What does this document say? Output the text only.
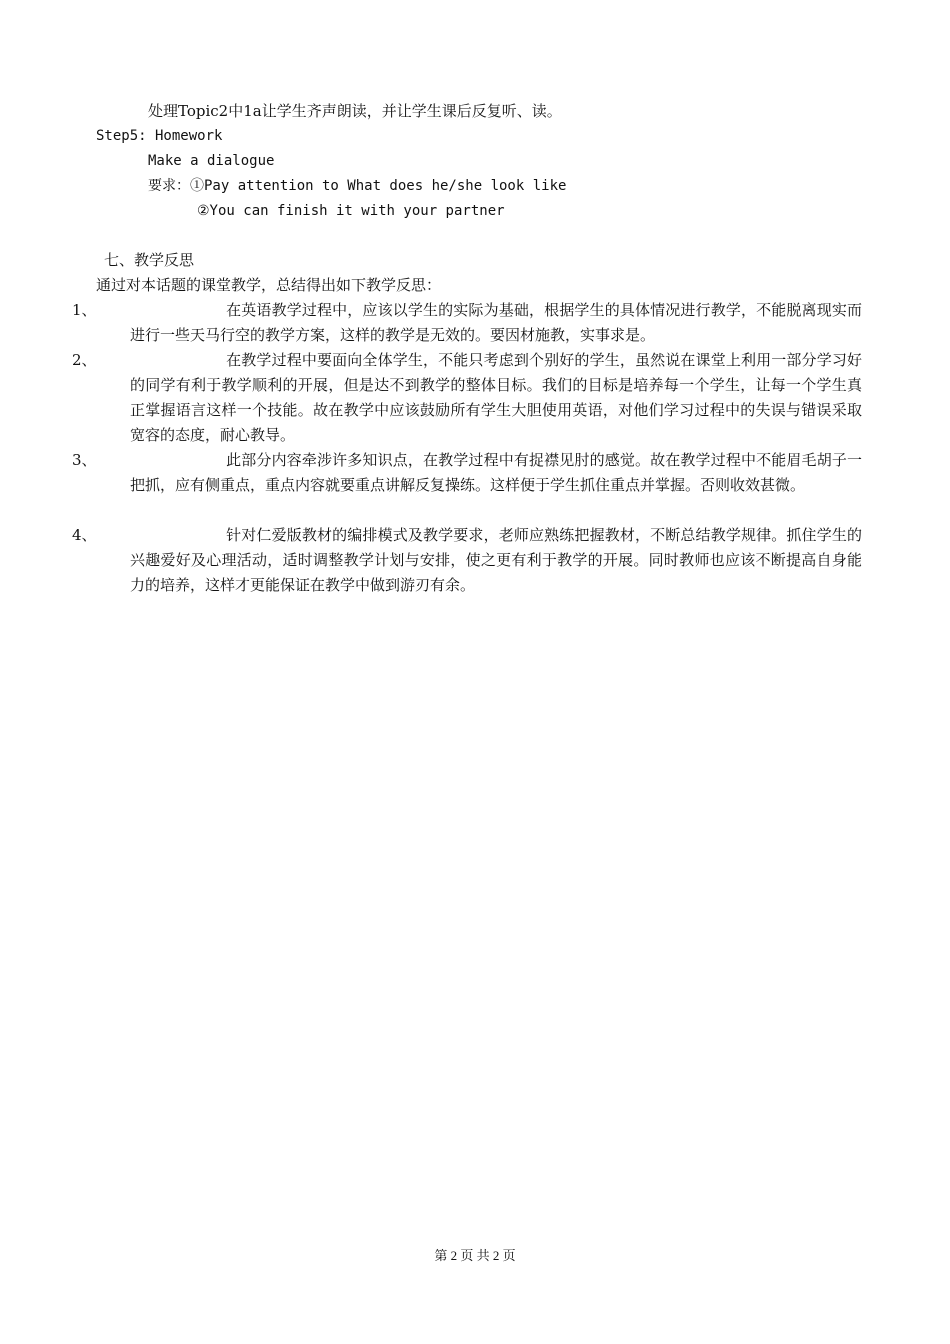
处理Topic2中1a让学生齐声朗读，并让学生课后反复听、读。
Step5: Homework
Make a dialogue
要求：①Pay attention to What does he/she look like
②You can finish it with your partner
七、教学反思
通过对本话题的课堂教学，总结得出如下教学反思：
1、	在英语教学过程中，应该以学生的实际为基础，根据学生的具体情况进行教学，不能脱离现实而进行一些天马行空的教学方案，这样的教学是无效的。要因材施教，实事求是。
2、	在教学过程中要面向全体学生，不能只考虑到个别好的学生，虽然说在课堂上利用一部分学习好的同学有利于教学顺利的开展，但是达不到教学的整体目标。我们的目标是培养每一个学生，让每一个学生真正掌握语言这样一个技能。故在教学中应该鼓励所有学生大胆使用英语，对他们学习过程中的失误与错误采取宽容的态度，耐心教导。
3、	此部分内容牵涉许多知识点，在教学过程中有捉襟见肘的感觉。故在教学过程中不能眉毛胡子一把抓，应有侧重点，重点内容就要重点讲解反复操练。这样便于学生抓住重点并掌握。否则收效甚微。
4、	针对仁爱版教材的编排模式及教学要求，老师应熟练把握教材，不断总结教学规律。抓住学生的兴趣爱好及心理活动，适时调整教学计划与安排，使之更有利于教学的开展。同时教师也应该不断提高自身能力的培养，这样才更能保证在教学中做到游刃有余。
第 2 页 共 2 页
